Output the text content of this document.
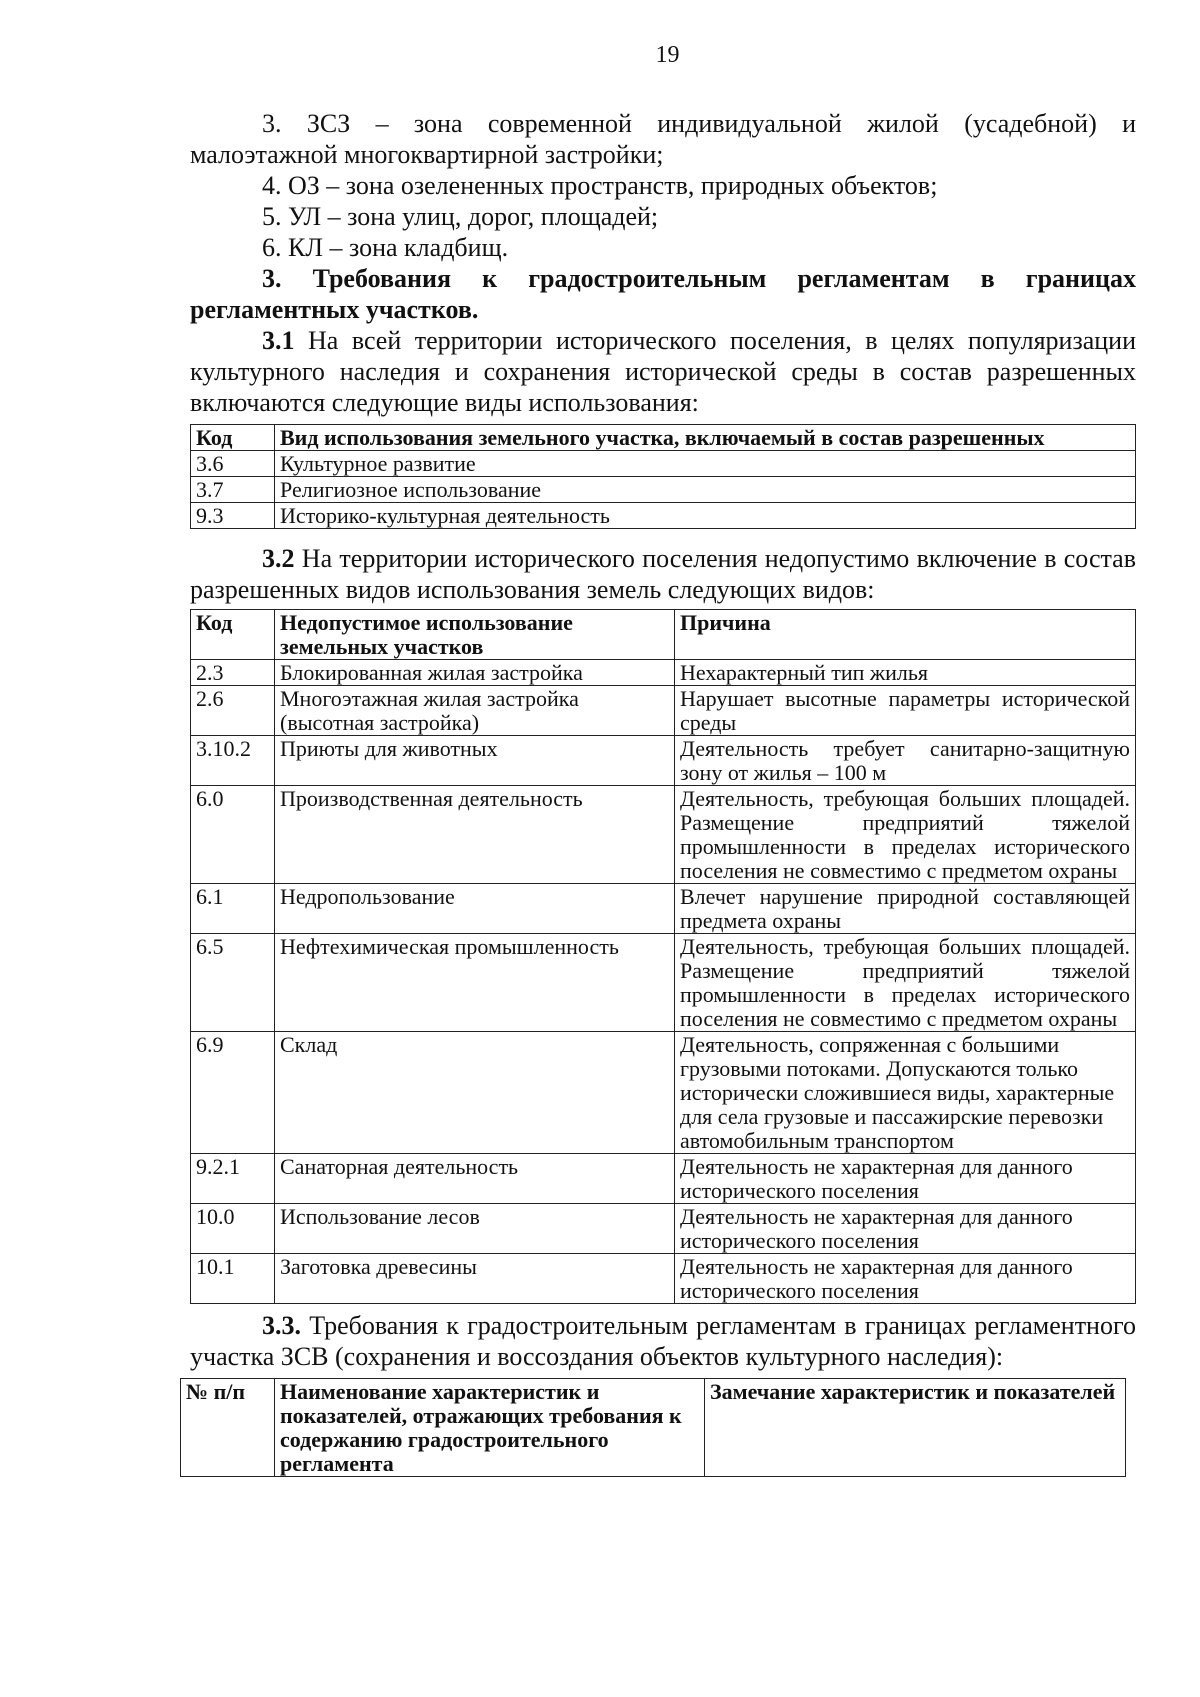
19

3. ЗСЗ – зона современной индивидуальной жилой (усадебной) и малоэтажной многоквартирной застройки;

4. ОЗ – зона озелененных пространств, природных объектов;

5. УЛ – зона улиц, дорог, площадей;

6. КЛ – зона кладбищ.

3. Требования к градостроительным регламентам в границах регламентных участков.

3.1 На всей территории исторического поселения, в целях популяризации культурного наследия и сохранения исторической среды в состав разрешенных включаются следующие виды использования:

Код	Вид использования земельного участка, включаемый в состав разрешенных
3.6	Культурное развитие
3.7	Религиозное использование
9.3	Историко-культурная деятельность

3.2 На территории исторического поселения недопустимо включение в состав разрешенных видов использования земель следующих видов:

Код	Недопустимое использование земельных участков	Причина
2.3	Блокированная жилая застройка	Нехарактерный тип жилья
2.6	Многоэтажная жилая застройка (высотная застройка)	Нарушает высотные параметры исторической среды
3.10.2	Приюты для животных	Деятельность требует санитарно-защитную зону от жилья – 100 м
6.0	Производственная деятельность	Деятельность, требующая больших площадей. Размещение предприятий тяжелой промышленности в пределах исторического поселения не совместимо с предметом охраны
6.1	Недропользование	Влечет нарушение природной составляющей предмета охраны
6.5	Нефтехимическая промышленность	Деятельность, требующая больших площадей. Размещение предприятий тяжелой промышленности в пределах исторического поселения не совместимо с предметом охраны
6.9	Склад	Деятельность, сопряженная с большими грузовыми потоками. Допускаются только исторически сложившиеся виды, характерные для села грузовые и пассажирские перевозки автомобильным транспортом
9.2.1	Санаторная деятельность	Деятельность не характерная для данного исторического поселения
10.0	Использование лесов	Деятельность не характерная для данного исторического поселения
10.1	Заготовка древесины	Деятельность не характерная для данного исторического поселения

3.3. Требования к градостроительным регламентам в границах регламентного участка ЗСВ (сохранения и воссоздания объектов культурного наследия):

№ п/п	Наименование характеристик и показателей, отражающих требования к содержанию градостроительного регламента	Замечание характеристик и показателей
